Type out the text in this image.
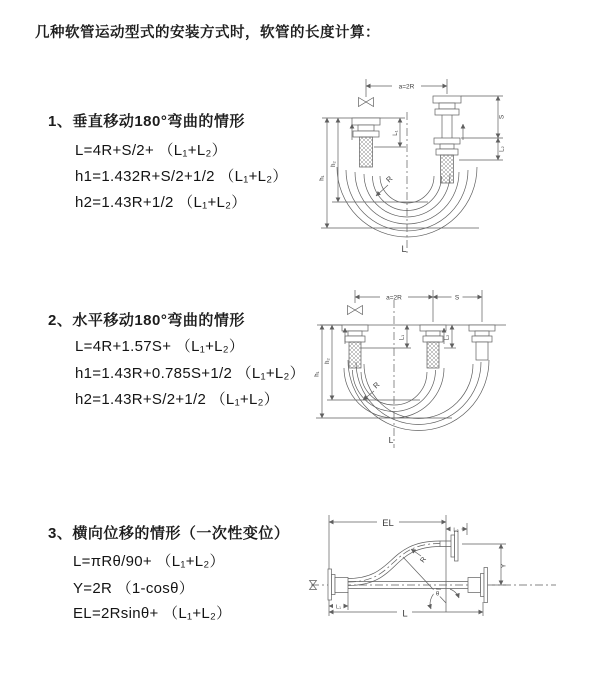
几种软管运动型式的安装方式时，软管的长度计算：
1、垂直移动180°弯曲的情形
L=4R+S/2+ （L₁+L₂）
h1=1.432R+S/2+1/2 （L₁+L₂）
h2=1.43R+1/2 （L₁+L₂）
2、水平移动180°弯曲的情形
L=4R+1.57S+ （L₁+L₂）
h1=1.43R+0.785S+1/2 （L₁+L₂）
h2=1.43R+S/2+1/2 （L₁+L₂）
3、横向位移的情形（一次性变位）
L=πRθ/90+ （L₁+L₂）
Y=2R （1-cosθ）
EL=2Rsinθ+ （L₁+L₂）
a=2R
L₁
S
L₂
h₁
h₂
R
L
a=2R	S
h₁
h₂
L₁	L₂
R
L
EL
L₂
Y
R
θ
L
L₁
